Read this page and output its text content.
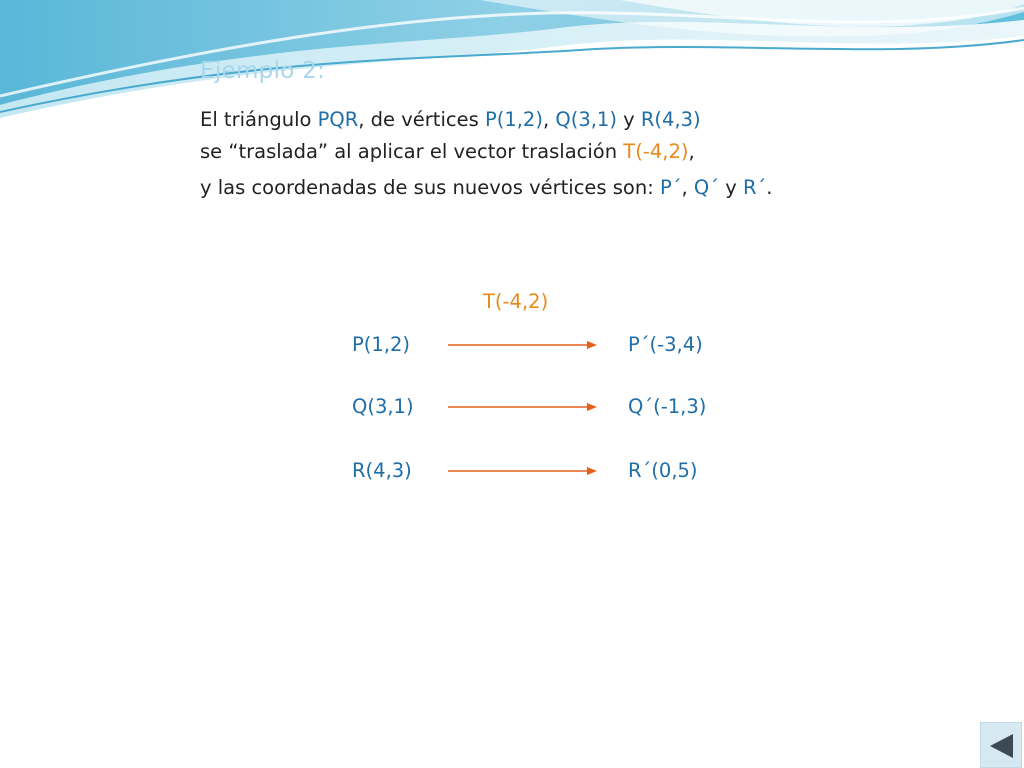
Ejemplo 2:
El triángulo PQR, de vértices P(1,2), Q(3,1) y R(4,3)
se “traslada” al aplicar el vector traslación T(-4,2),
y las coordenadas de sus nuevos vértices son: P´, Q´ y R´.
T(-4,2)
P(1,2)	P´(-3,4)
Q(3,1)	Q´(-1,3)
R(4,3)	R´(0,5)
